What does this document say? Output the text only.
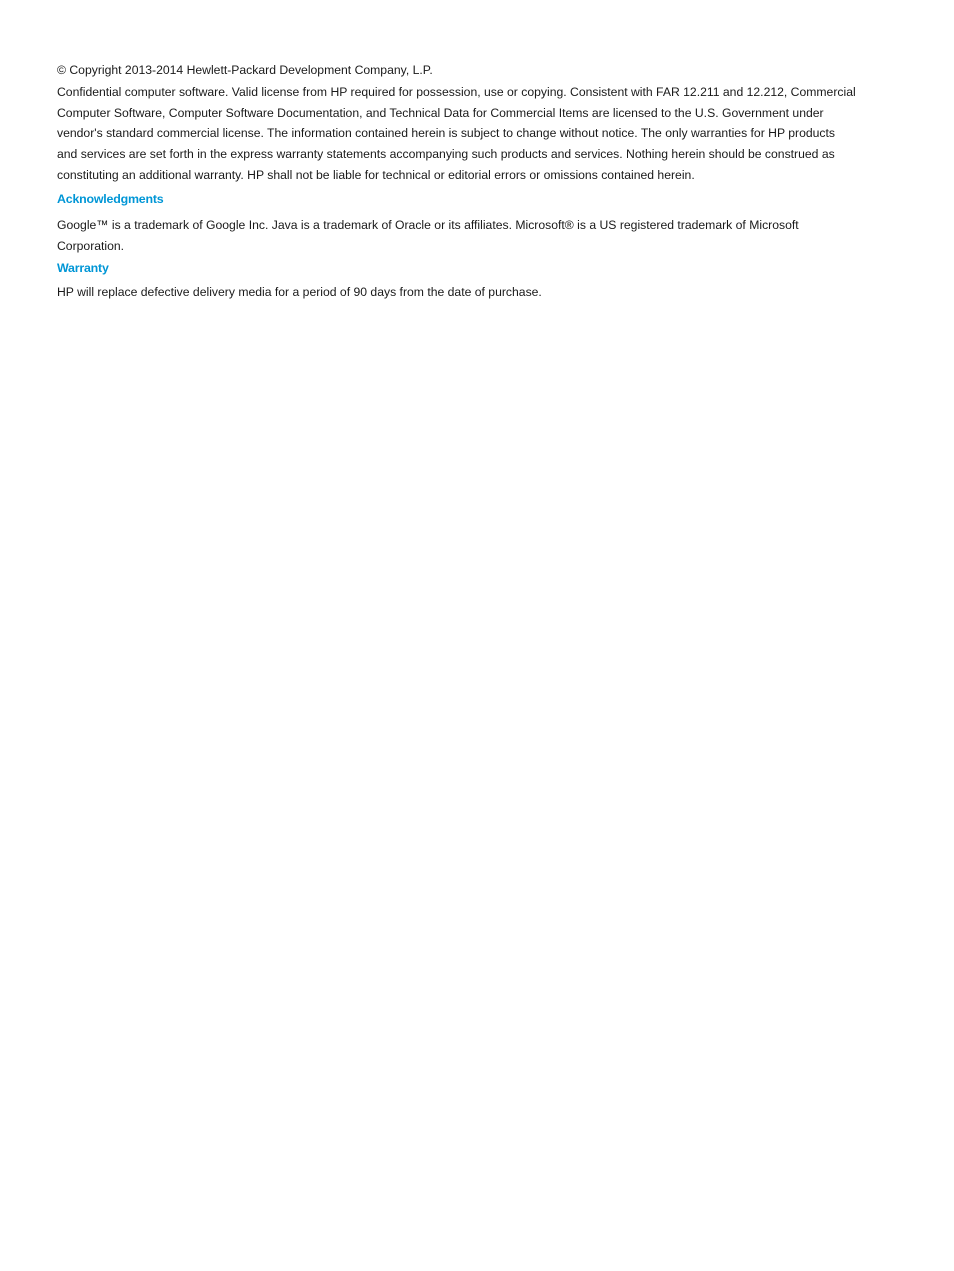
© Copyright 2013-2014 Hewlett-Packard Development Company, L.P.

Confidential computer software. Valid license from HP required for possession, use or copying. Consistent with FAR 12.211 and 12.212, Commercial
Computer Software, Computer Software Documentation, and Technical Data for Commercial Items are licensed to the U.S. Government under
vendor's standard commercial license. The information contained herein is subject to change without notice. The only warranties for HP products
and services are set forth in the express warranty statements accompanying such products and services. Nothing herein should be construed as
constituting an additional warranty. HP shall not be liable for technical or editorial errors or omissions contained herein.
Acknowledgments
Google™ is a trademark of Google Inc. Java is a trademark of Oracle or its affiliates. Microsoft® is a US registered trademark of Microsoft
Corporation.
Warranty

HP will replace defective delivery media for a period of 90 days from the date of purchase.
